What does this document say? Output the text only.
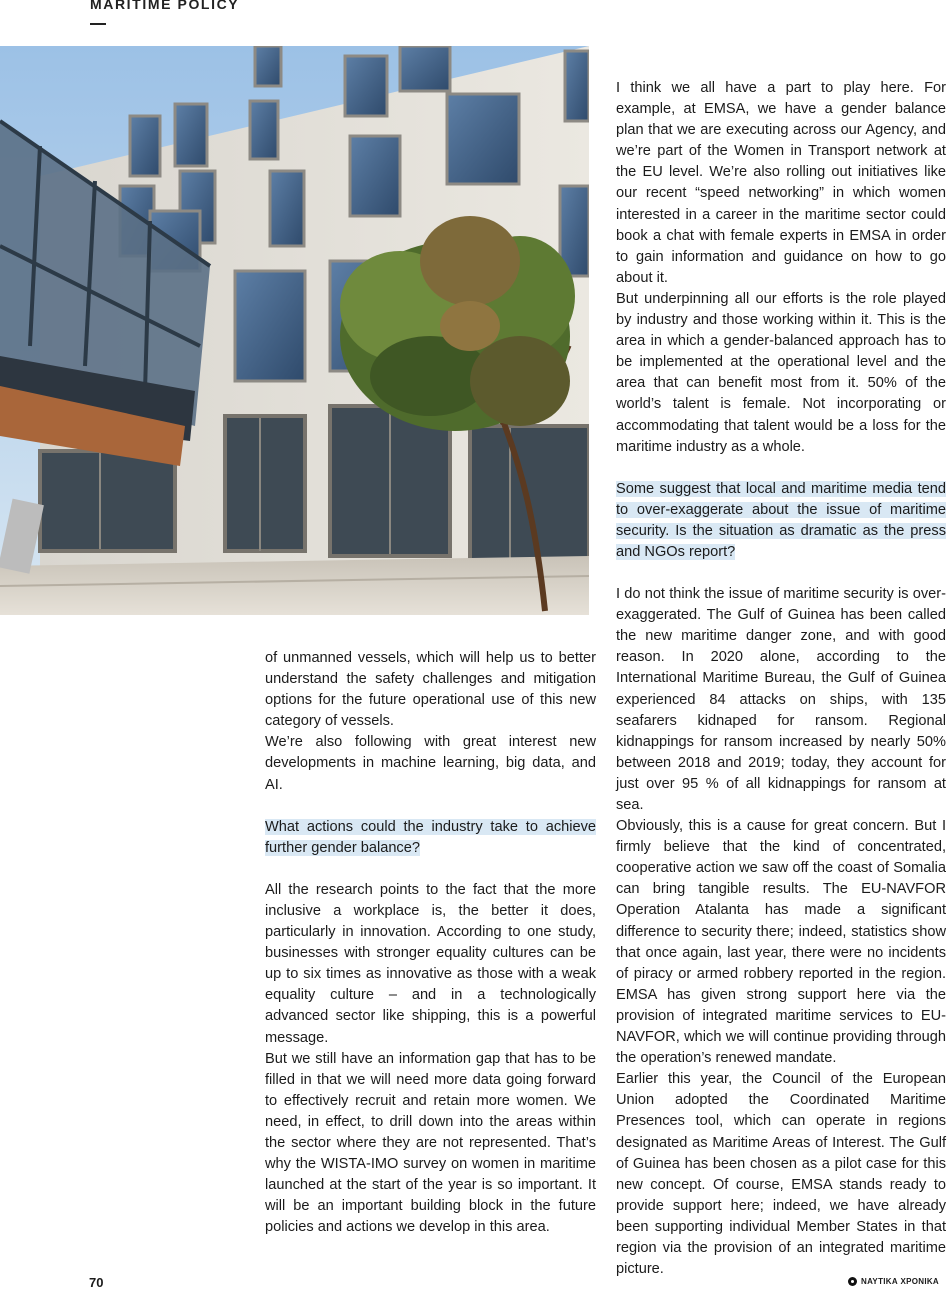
MARITIME POLICY

of unmanned vessels, which will help us to better understand the safety challenges and mitigation options for the future operational use of this new category of vessels.

We’re also following with great interest new developments in machine learning, big data, and AI.

What actions could the industry take to achieve further gender balance?

All the research points to the fact that the more inclusive a workplace is, the better it does, particularly in innovation. According to one study, businesses with stronger equality cultures can be up to six times as innovative as those with a weak equality culture – and in a technologically advanced sector like shipping, this is a powerful message.

But we still have an information gap that has to be filled in that we will need more data going forward to effectively recruit and retain more women. We need, in effect, to drill down into the areas within the sector where they are not represented. That’s why the WISTA-IMO survey on women in maritime launched at the start of the year is so important. It will be an important building block in the future policies and actions we develop in this area.

I think we all have a part to play here. For example, at EMSA, we have a gender balance plan that we are executing across our Agency, and we’re part of the Women in Transport network at the EU level. We’re also rolling out initiatives like our recent “speed networking” in which women interested in a career in the maritime sector could book a chat with female experts in EMSA in order to gain information and guidance on how to go about it.

But underpinning all our efforts is the role played by industry and those working within it. This is the area in which a gender-balanced approach has to be implemented at the operational level and the area that can benefit most from it. 50% of the world’s talent is female. Not incorporating or accommodating that talent would be a loss for the maritime industry as a whole.

Some suggest that local and maritime media tend to over-exaggerate about the issue of maritime security. Is the situation as dramatic as the press and NGOs report?

I do not think the issue of maritime security is over-exaggerated. The Gulf of Guinea has been called the new maritime danger zone, and with good reason. In 2020 alone, according to the International Maritime Bureau, the Gulf of Guinea experienced 84 attacks on ships, with 135 seafarers kidnaped for ransom. Regional kidnappings for ransom increased by nearly 50% between 2018 and 2019; today, they account for just over 95 % of all kidnappings for ransom at sea.

Obviously, this is a cause for great concern. But I firmly believe that the kind of concentrated, cooperative action we saw off the coast of Somalia can bring tangible results. The EU-NAVFOR Operation Atalanta has made a significant difference to security there; indeed, statistics show that once again, last year, there were no incidents of piracy or armed robbery reported in the region. EMSA has given strong support here via the provision of integrated maritime services to EU-NAVFOR, which we will continue providing through the operation’s renewed mandate.

Earlier this year, the Council of the European Union adopted the Coordinated Maritime Presences tool, which can operate in regions designated as Maritime Areas of Interest. The Gulf of Guinea has been chosen as a pilot case for this new concept. Of course, EMSA stands ready to provide support here; indeed, we have already been supporting individual Member States in that region via the provision of an integrated maritime picture.

70	ΝΑΥΤΙΚΑ ΧΡΟΝΙΚΑ
